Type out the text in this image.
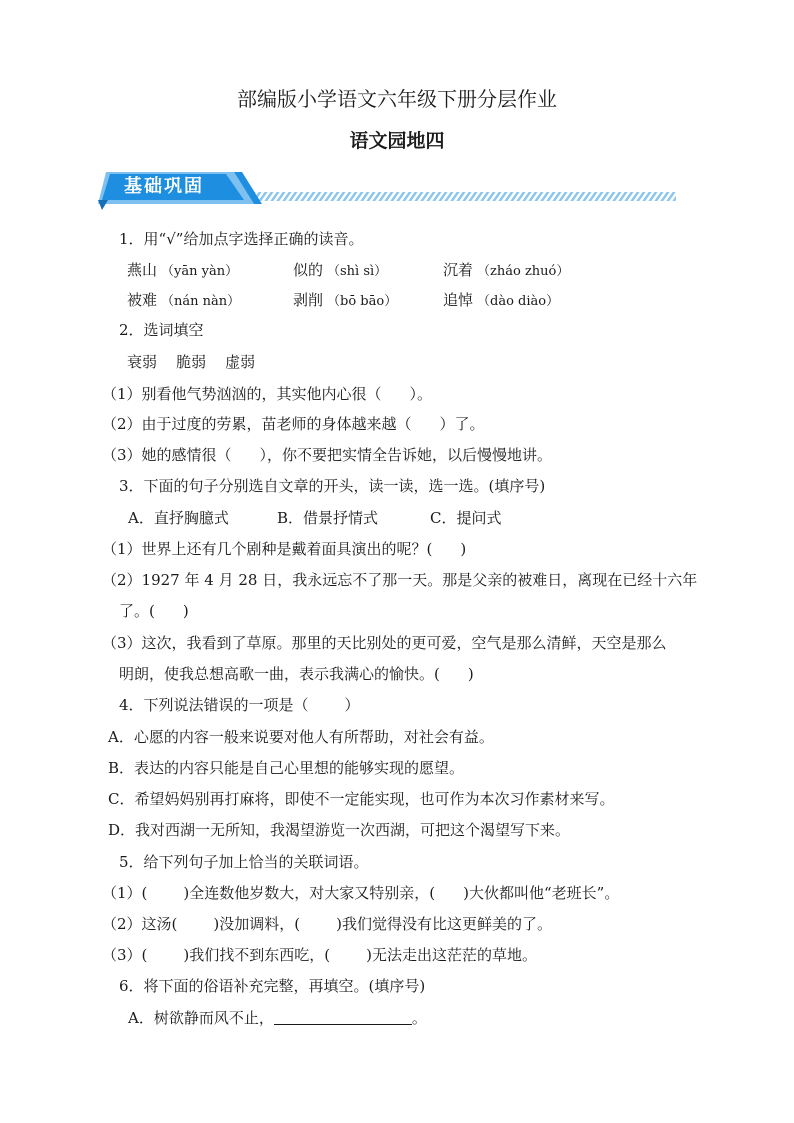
部编版小学语文六年级下册分层作业
语文园地四
基础巩固
1．用“√”给加点字选择正确的读音。
燕山 （yān yàn）	似的 （shì sì）	沉着 （zháo zhuó）
被难 （nán nàn）	剥削 （bō bāo）	追悼 （dào diào）
2．选词填空
衰弱    脆弱    虚弱
（1）别看他气势汹汹的，其实他内心很（ ）。
（2）由于过度的劳累，苗老师的身体越来越（ ）了。
（3）她的感情很（ ），你不要把实情全告诉她，以后慢慢地讲。
3．下面的句子分别选自文章的开头，读一读，选一选。(填序号)
A．直抒胸臆式	B．借景抒情式	C．提问式
（1）世界上还有几个剧种是戴着面具演出的呢？( )
（2）1927 年 4 月 28 日，我永远忘不了那一天。那是父亲的被难日，离现在已经十六年
了。( )
（3）这次，我看到了草原。那里的天比别处的更可爱，空气是那么清鲜，天空是那么
明朗，使我总想高歌一曲，表示我满心的愉快。( )
4．下列说法错误的一项是（ ）
A．心愿的内容一般来说要对他人有所帮助，对社会有益。
B．表达的内容只能是自己心里想的能够实现的愿望。
C．希望妈妈别再打麻将，即使不一定能实现，也可作为本次习作素材来写。
D．我对西湖一无所知，我渴望游览一次西湖，可把这个渴望写下来。
5．给下列句子加上恰当的关联词语。
（1）( )全连数他岁数大，对大家又特别亲，( )大伙都叫他“老班长”。
（2）这汤( )没加调料，( )我们觉得没有比这更鲜美的了。
（3）( )我们找不到东西吃，( )无法走出这茫茫的草地。
6．将下面的俗语补充完整，再填空。(填序号)
A．树欲静而风不止，	。
